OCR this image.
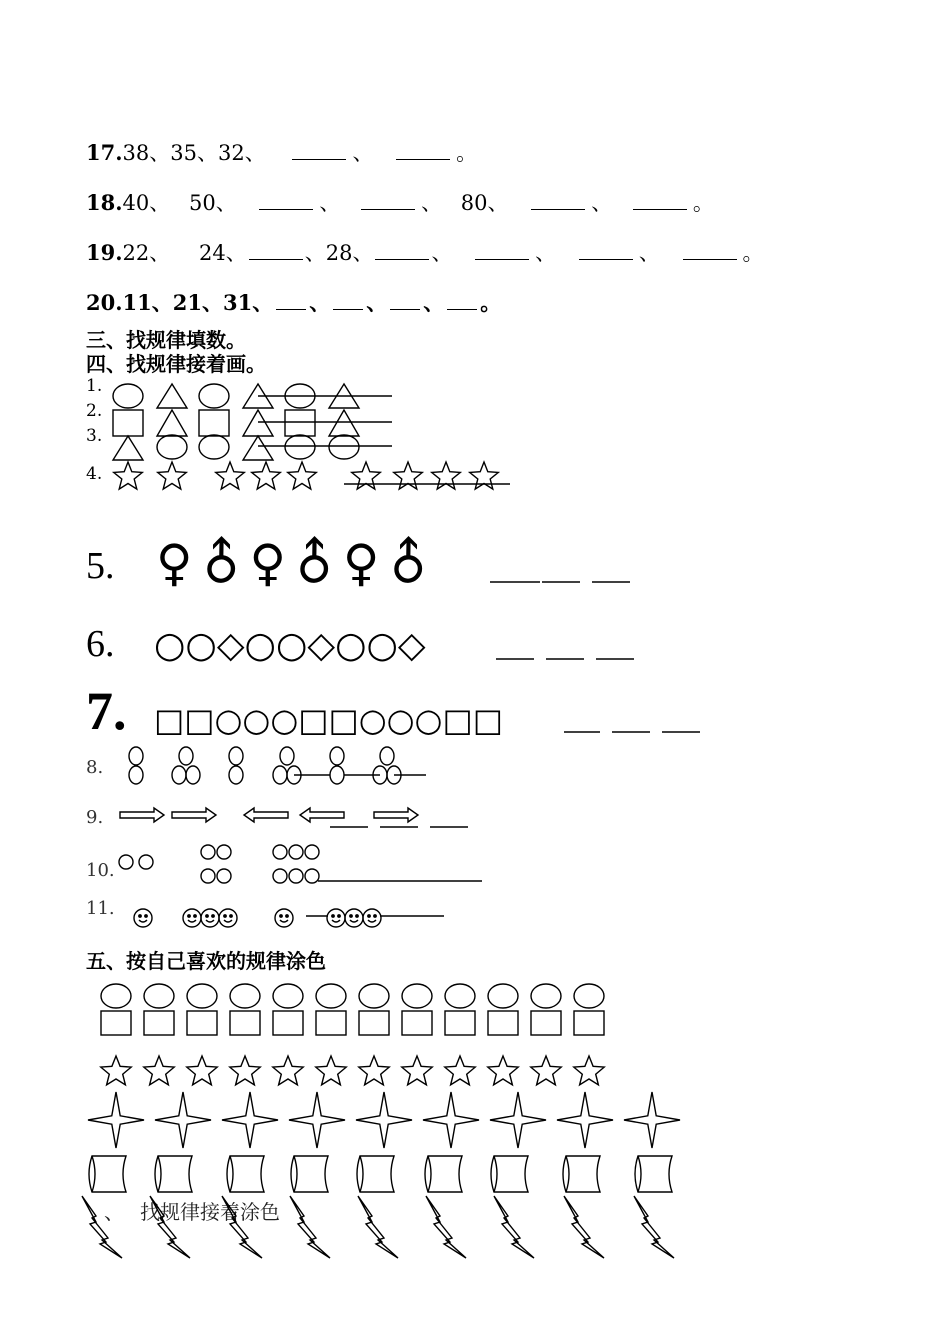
17.38、35、32、	、	。
18.40、 50、	、	、 80、	、	。
19.22、 24、	、28、	、	、	、	。
20.11、21、31、 、 、 、 。
三、找规律填数。
四、找规律接着画。
1.
2.
3.
4.
5.
6.
7.
8.
9.
10.
11.
♀♂♀♂♀♂
○○◇○○◇○○◇
□□○○○□□○○○□□
五、按自己喜欢的规律涂色
、 找规律接着涂色
